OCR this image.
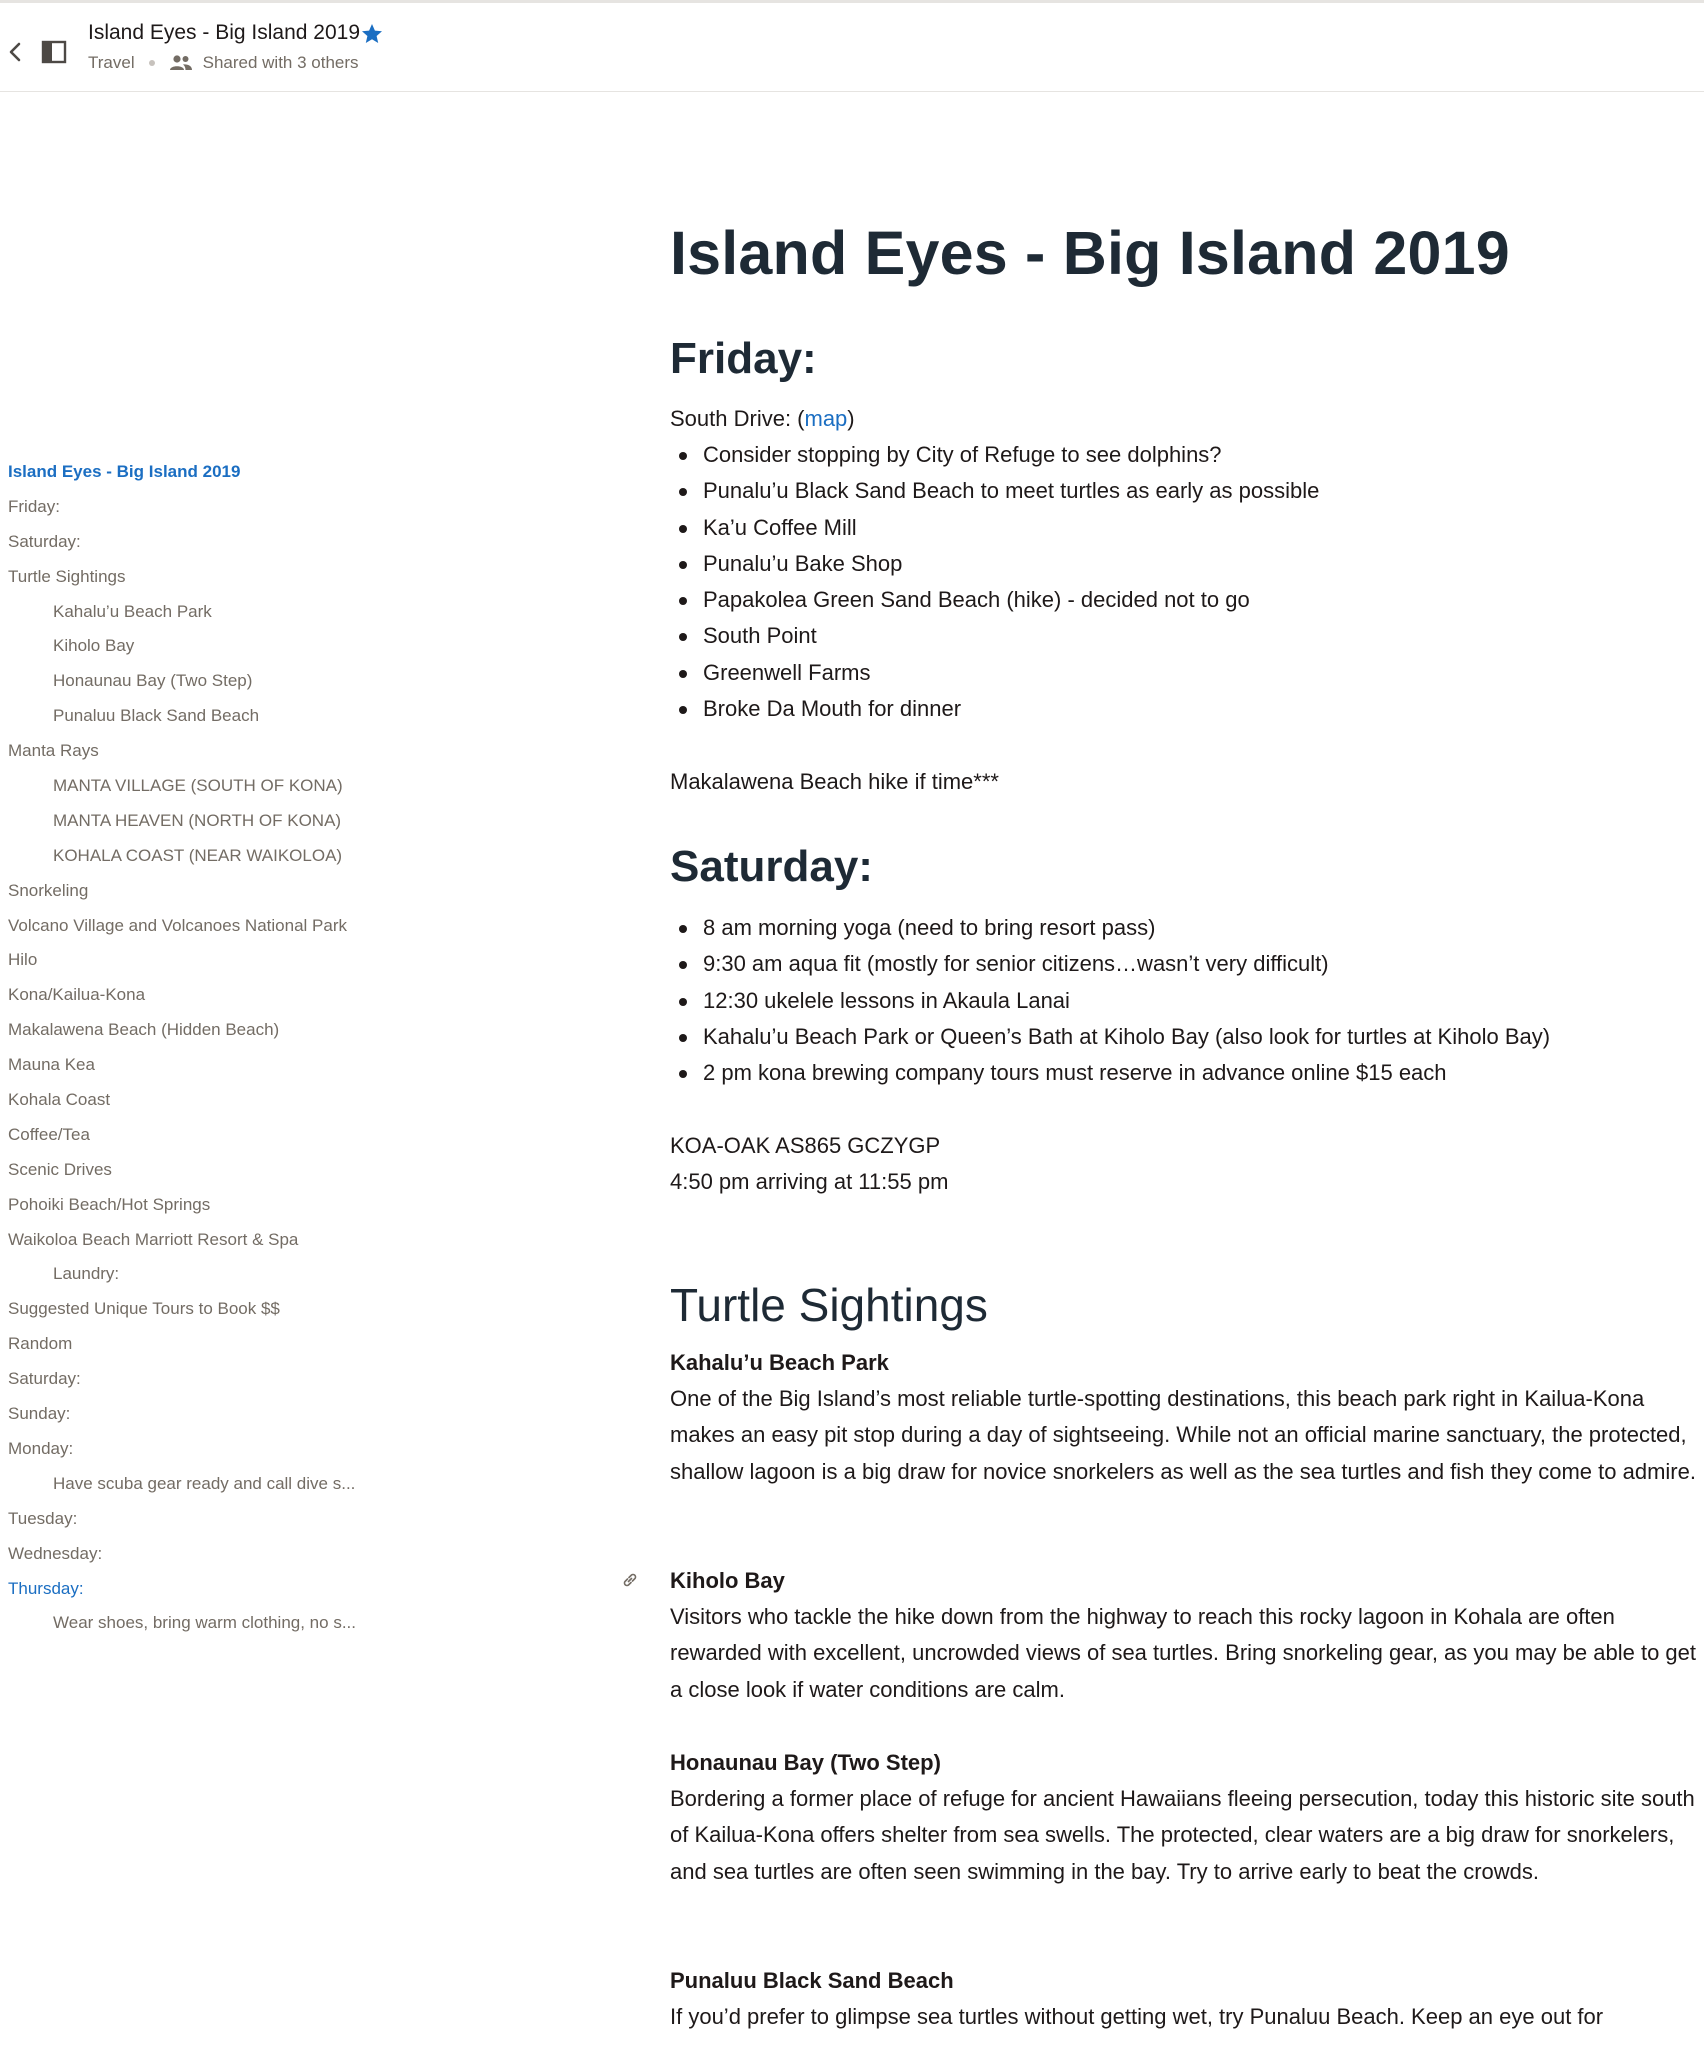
Island Eyes - Big Island 2019
Travel	Shared with 3 others
Island Eyes - Big Island 2019
Friday:
Saturday:
Turtle Sightings
Kahalu’u Beach Park
Kiholo Bay
Honaunau Bay (Two Step)
Punaluu Black Sand Beach
Manta Rays
MANTA VILLAGE (SOUTH OF KONA)
MANTA HEAVEN (NORTH OF KONA)
KOHALA COAST (NEAR WAIKOLOA)
Snorkeling
Volcano Village and Volcanoes National Park
Hilo
Kona/Kailua-Kona
Makalawena Beach (Hidden Beach)
Mauna Kea
Kohala Coast
Coffee/Tea
Scenic Drives
Pohoiki Beach/Hot Springs
Waikoloa Beach Marriott Resort & Spa
Laundry:
Suggested Unique Tours to Book $$
Random
Saturday:
Sunday:
Monday:
Have scuba gear ready and call dive s...
Tuesday:
Wednesday:
Thursday:
Wear shoes, bring warm clothing, no s...
Island Eyes - Big Island 2019
Friday:
South Drive: (map)
Consider stopping by City of Refuge to see dolphins?
Punalu’u Black Sand Beach to meet turtles as early as possible
Ka’u Coffee Mill
Punalu’u Bake Shop
Papakolea Green Sand Beach (hike) - decided not to go
South Point
Greenwell Farms
Broke Da Mouth for dinner
Makalawena Beach hike if time***
Saturday:
8 am morning yoga (need to bring resort pass)
9:30 am aqua fit (mostly for senior citizens…wasn’t very difficult)
12:30 ukelele lessons in Akaula Lanai
Kahalu’u Beach Park or Queen’s Bath at Kiholo Bay (also look for turtles at Kiholo Bay)
2 pm kona brewing company tours must reserve in advance online $15 each
KOA-OAK AS865 GCZYGP
4:50 pm arriving at 11:55 pm
Turtle Sightings
Kahalu’u Beach Park
One of the Big Island’s most reliable turtle-spotting destinations, this beach park right in Kailua-Kona makes an easy pit stop during a day of sightseeing. While not an official marine sanctuary, the protected, shallow lagoon is a big draw for novice snorkelers as well as the sea turtles and fish they come to admire.
Kiholo Bay
Visitors who tackle the hike down from the highway to reach this rocky lagoon in Kohala are often rewarded with excellent, uncrowded views of sea turtles. Bring snorkeling gear, as you may be able to get a close look if water conditions are calm.
Honaunau Bay (Two Step)
Bordering a former place of refuge for ancient Hawaiians fleeing persecution, today this historic site south of Kailua-Kona offers shelter from sea swells. The protected, clear waters are a big draw for snorkelers, and sea turtles are often seen swimming in the bay. Try to arrive early to beat the crowds.
Punaluu Black Sand Beach
If you’d prefer to glimpse sea turtles without getting wet, try Punaluu Beach. Keep an eye out for
